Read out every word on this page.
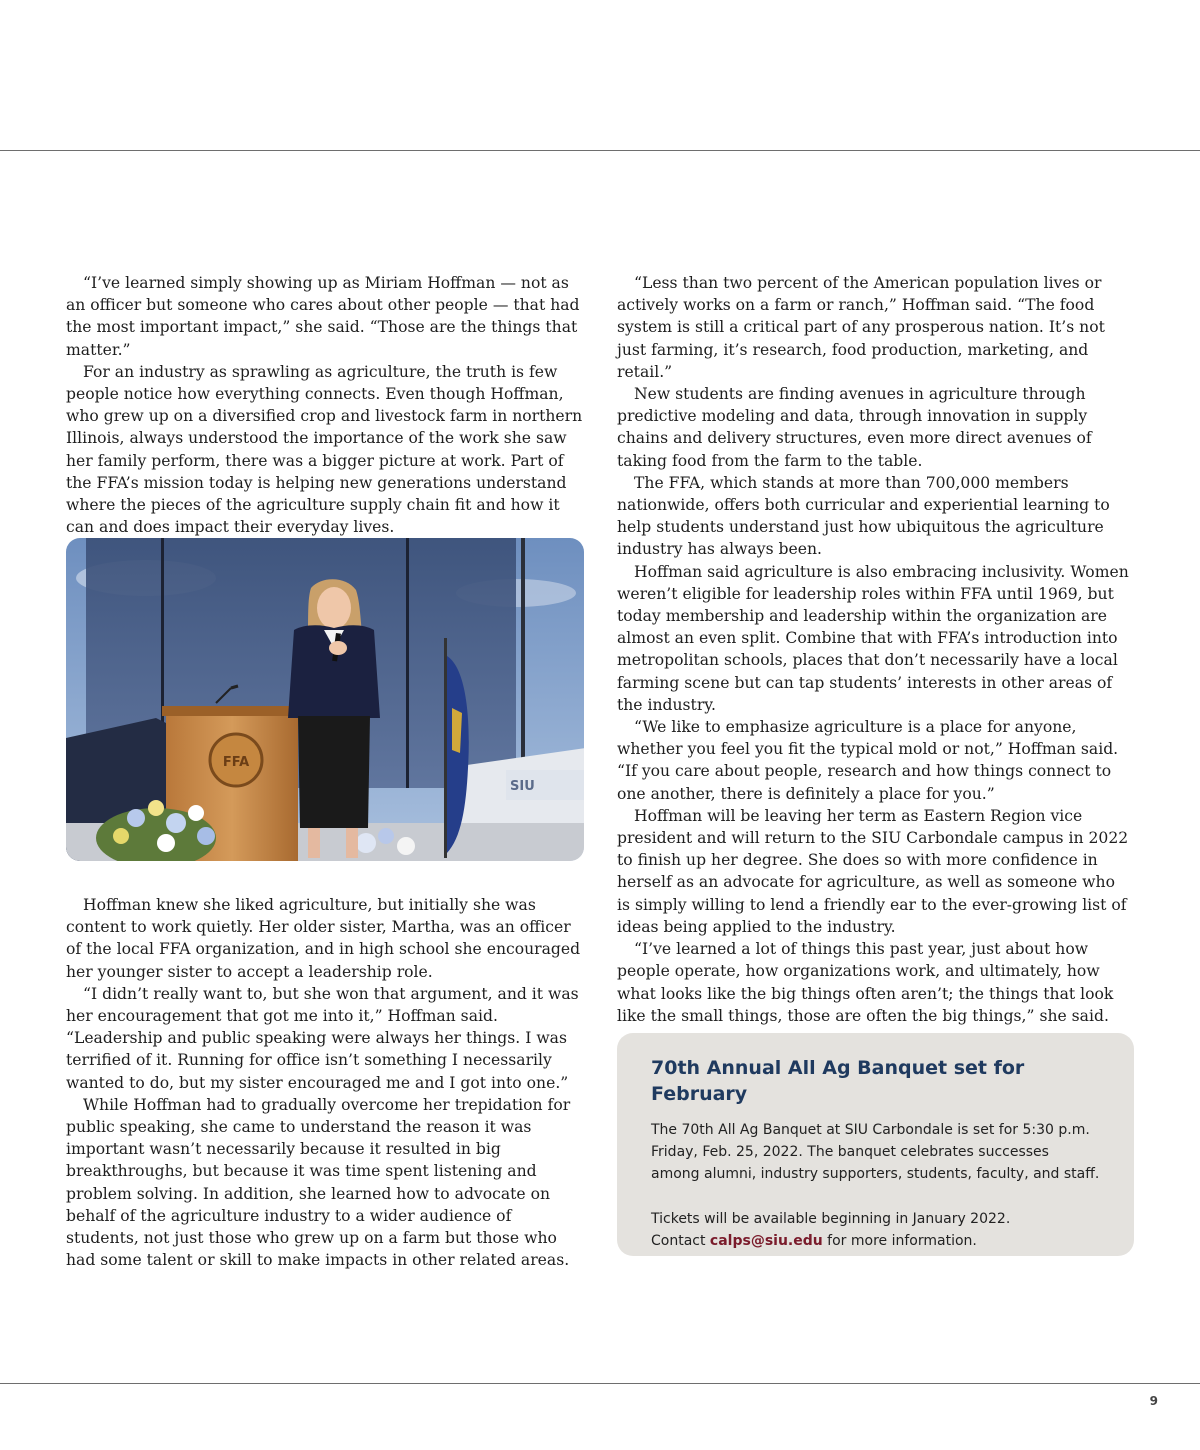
“I’ve learned simply showing up as Miriam Hoffman — not as an officer but someone who cares about other people — that had the most important impact,” she said. “Those are the things that matter.”

For an industry as sprawling as agriculture, the truth is few people notice how everything connects. Even though Hoffman, who grew up on a diversified crop and livestock farm in northern Illinois, always understood the importance of the work she saw her family perform, there was a bigger picture at work. Part of the FFA’s mission today is helping new generations understand where the pieces of the agriculture supply chain fit and how it can and does impact their everyday lives.

SIU
FFA

Hoffman knew she liked agriculture, but initially she was content to work quietly. Her older sister, Martha, was an officer of the local FFA organization, and in high school she encouraged her younger sister to accept a leadership role.

“I didn’t really want to, but she won that argument, and it was her encouragement that got me into it,” Hoffman said. “Leadership and public speaking were always her things. I was terrified of it. Running for office isn’t something I necessarily wanted to do, but my sister encouraged me and I got into one.”

While Hoffman had to gradually overcome her trepidation for public speaking, she came to understand the reason it was important wasn’t necessarily because it resulted in big breakthroughs, but because it was time spent listening and problem solving. In addition, she learned how to advocate on behalf of the agriculture industry to a wider audience of students, not just those who grew up on a farm but those who had some talent or skill to make impacts in other related areas.

“Less than two percent of the American population lives or actively works on a farm or ranch,” Hoffman said. “The food system is still a critical part of any prosperous nation. It’s not just farming, it’s research, food production, marketing, and retail.”

New students are finding avenues in agriculture through predictive modeling and data, through innovation in supply chains and delivery structures, even more direct avenues of taking food from the farm to the table.

The FFA, which stands at more than 700,000 members nationwide, offers both curricular and experiential learning to help students understand just how ubiquitous the agriculture industry has always been.

Hoffman said agriculture is also embracing inclusivity. Women weren’t eligible for leadership roles within FFA until 1969, but today membership and leadership within the organization are almost an even split. Combine that with FFA’s introduction into metropolitan schools, places that don’t necessarily have a local farming scene but can tap students’ interests in other areas of the industry.

“We like to emphasize agriculture is a place for anyone, whether you feel you fit the typical mold or not,” Hoffman said. “If you care about people, research and how things connect to one another, there is definitely a place for you.”

Hoffman will be leaving her term as Eastern Region vice president and will return to the SIU Carbondale campus in 2022 to finish up her degree. She does so with more confidence in herself as an advocate for agriculture, as well as someone who is simply willing to lend a friendly ear to the ever-growing list of ideas being applied to the industry.

“I’ve learned a lot of things this past year, just about how people operate, how organizations work, and ultimately, how what looks like the big things often aren’t; the things that look like the small things, those are often the big things,” she said.

70th Annual All Ag Banquet set for February

The 70th All Ag Banquet at SIU Carbondale is set for 5:30 p.m. Friday, Feb. 25, 2022. The banquet celebrates successes among alumni, industry supporters, students, faculty, and staff.

Tickets will be available beginning in January 2022.

Contact calps@siu.edu for more information.

9
